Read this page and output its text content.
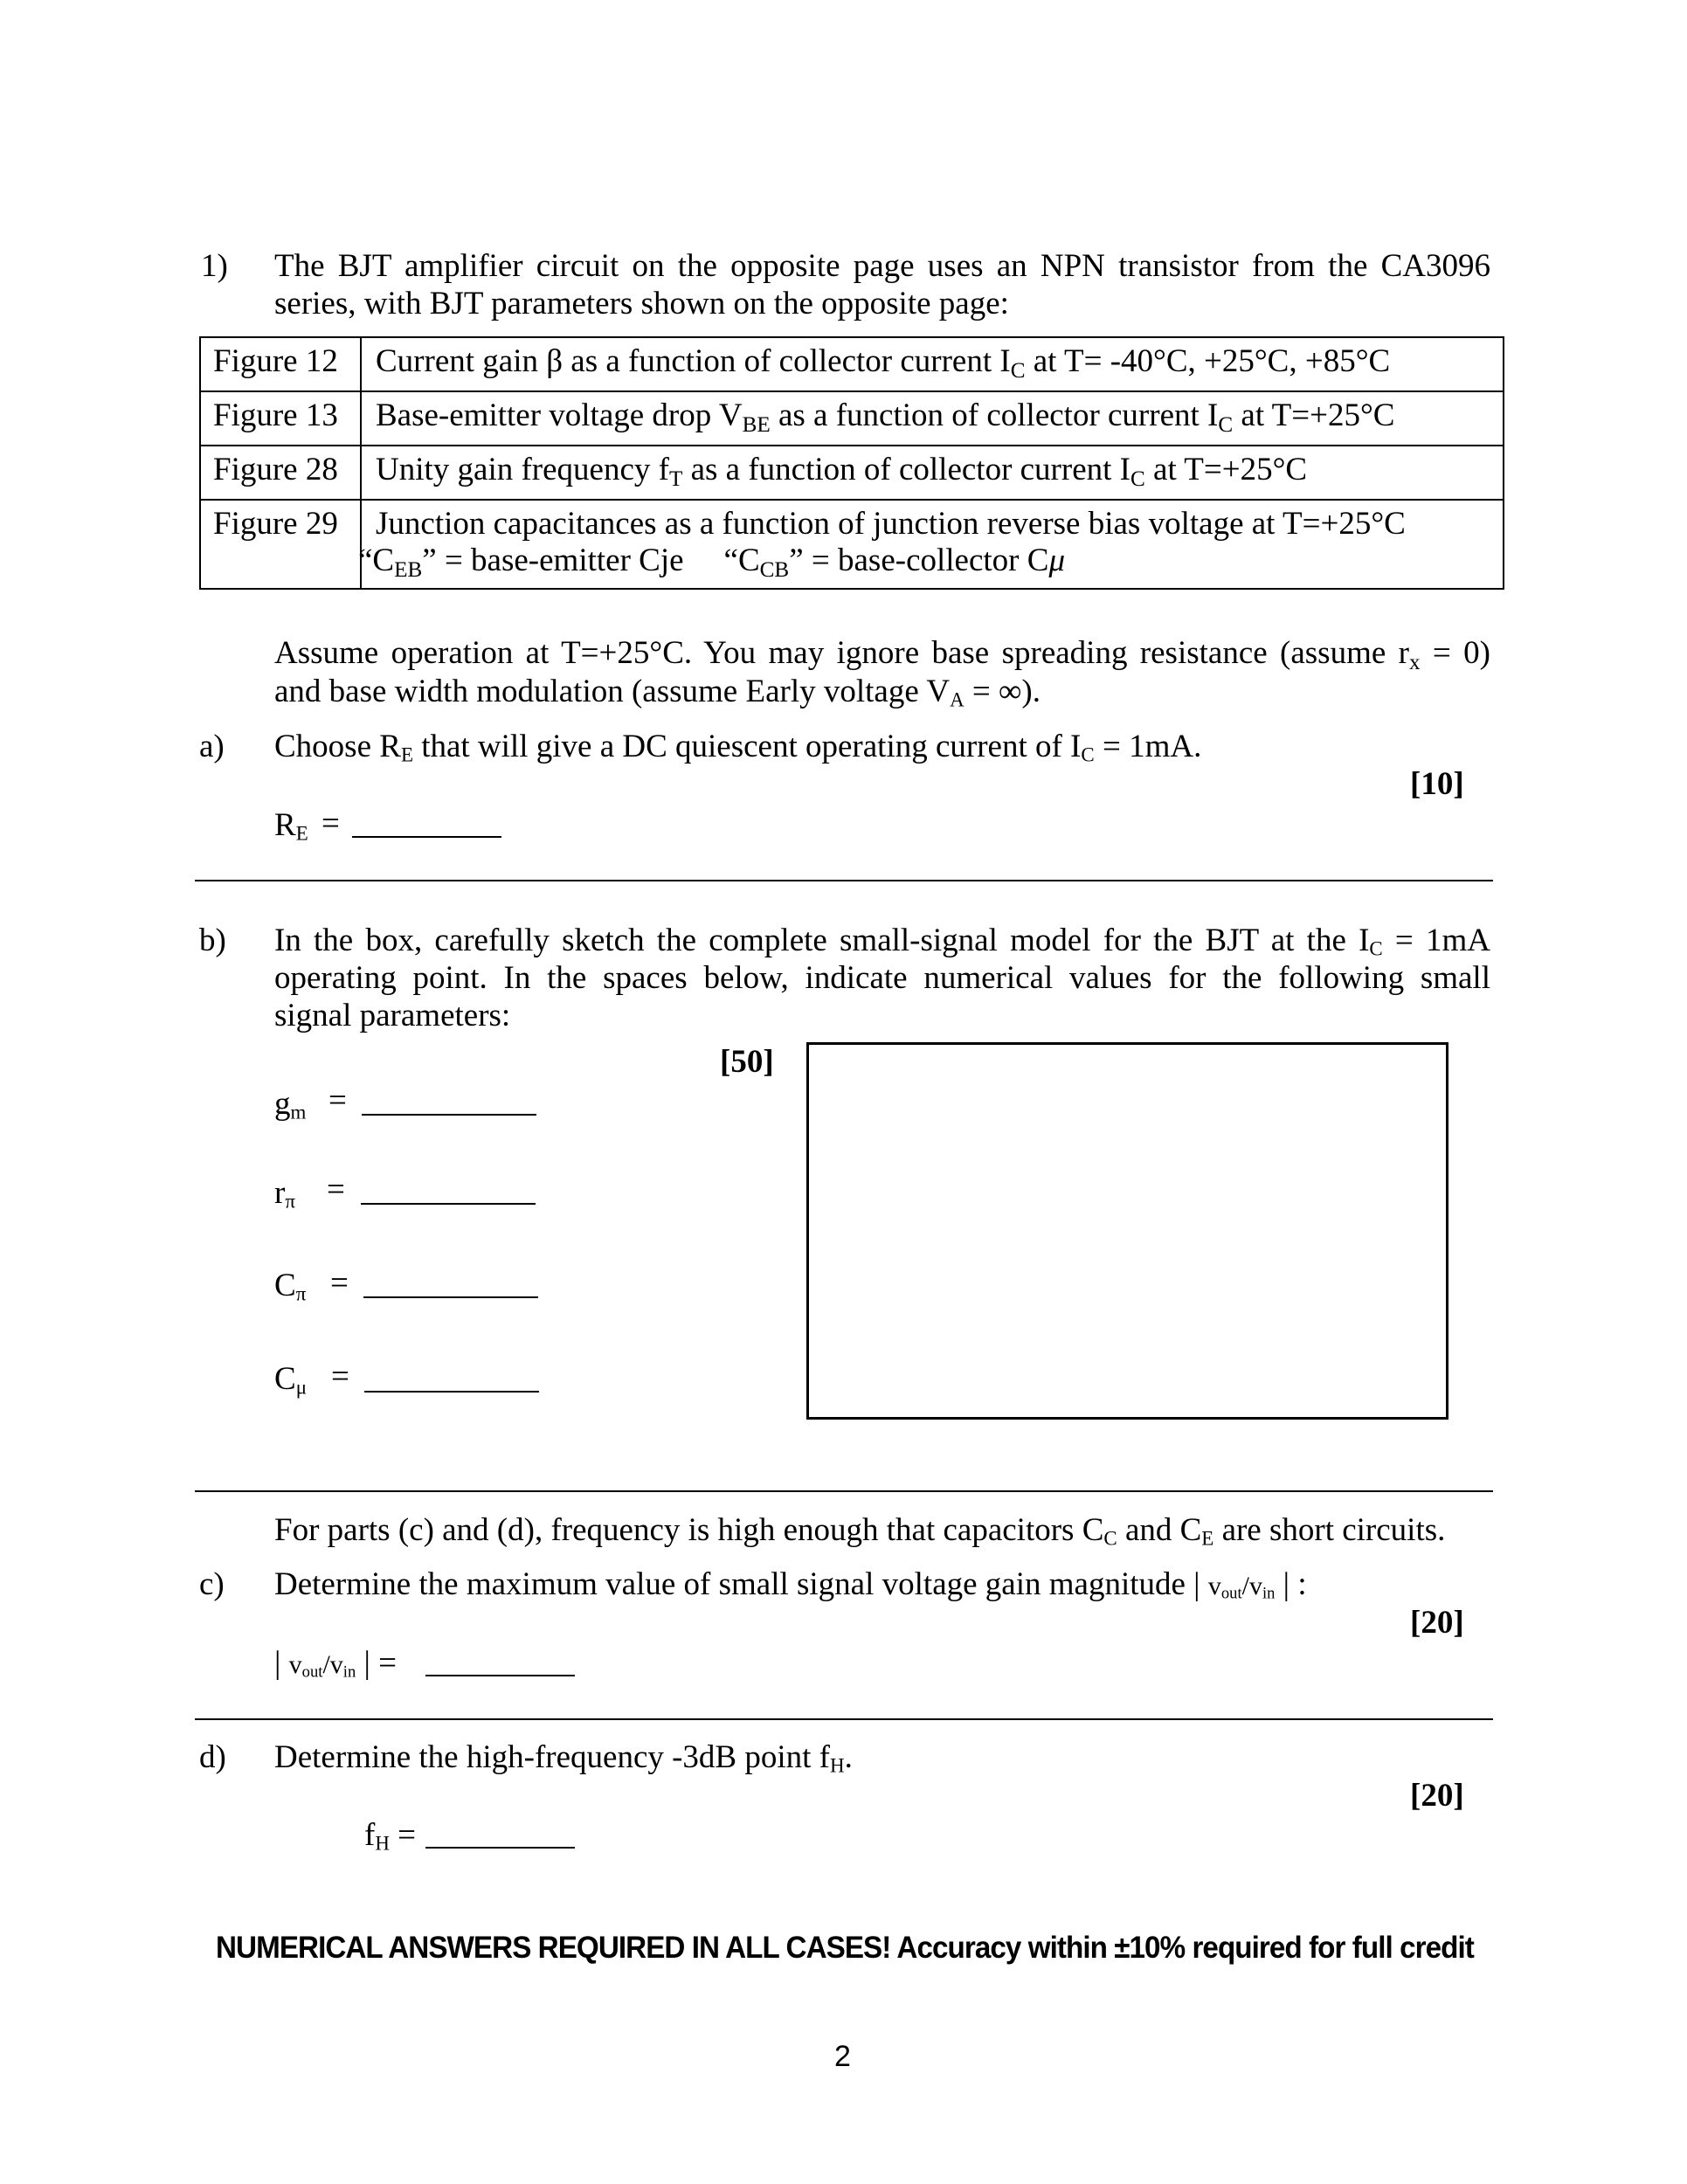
1) The BJT amplifier circuit on the opposite page uses an NPN transistor from the CA3096
series, with BJT parameters shown on the opposite page:
Figure 12	Current gain β as a function of collector current $I_C$ at T= -40°C, +25°C, +85°C
Figure 13	Base-emitter voltage drop $V_{BE}$ as a function of collector current $I_C$ at T=+25°C
Figure 28	Unity gain frequency $f_T$ as a function of collector current $I_C$ at T=+25°C
Figure 29	Junction capacitances as a function of junction reverse bias voltage at T=+25°C
“$C_{EB}$” = base-emitter Cje “$C_{CB}$” = base-collector Cμ
Assume operation at T=+25°C. You may ignore base spreading resistance (assume $r_x = 0$)
and base width modulation (assume Early voltage $V_A$ = ∞).
a) Choose $R_E$ that will give a DC quiescent operating current of $I_C = 1mA$.
[10]
$R_E$ =
b) In the box, carefully sketch the complete small-signal model for the BJT at the $I_C = 1mA$
operating point. In the spaces below, indicate numerical values for the following small
signal parameters:
[50]
$g_m$ =
$r_\pi$ =
$C_\pi$ =
$C_\mu$ =
For parts (c) and (d), frequency is high enough that capacitors $C_C$ and $C_E$ are short circuits.
c) Determine the maximum value of small signal voltage gain magnitude | $v_{out}/v_{in}$ | :
[20]
| $v_{out}/v_{in}$ | =
d) Determine the high-frequency -3dB point $f_H$.
[20]
$f_H$ =
NUMERICAL ANSWERS REQUIRED IN ALL CASES! Accuracy within ±10% required for full credit
2
